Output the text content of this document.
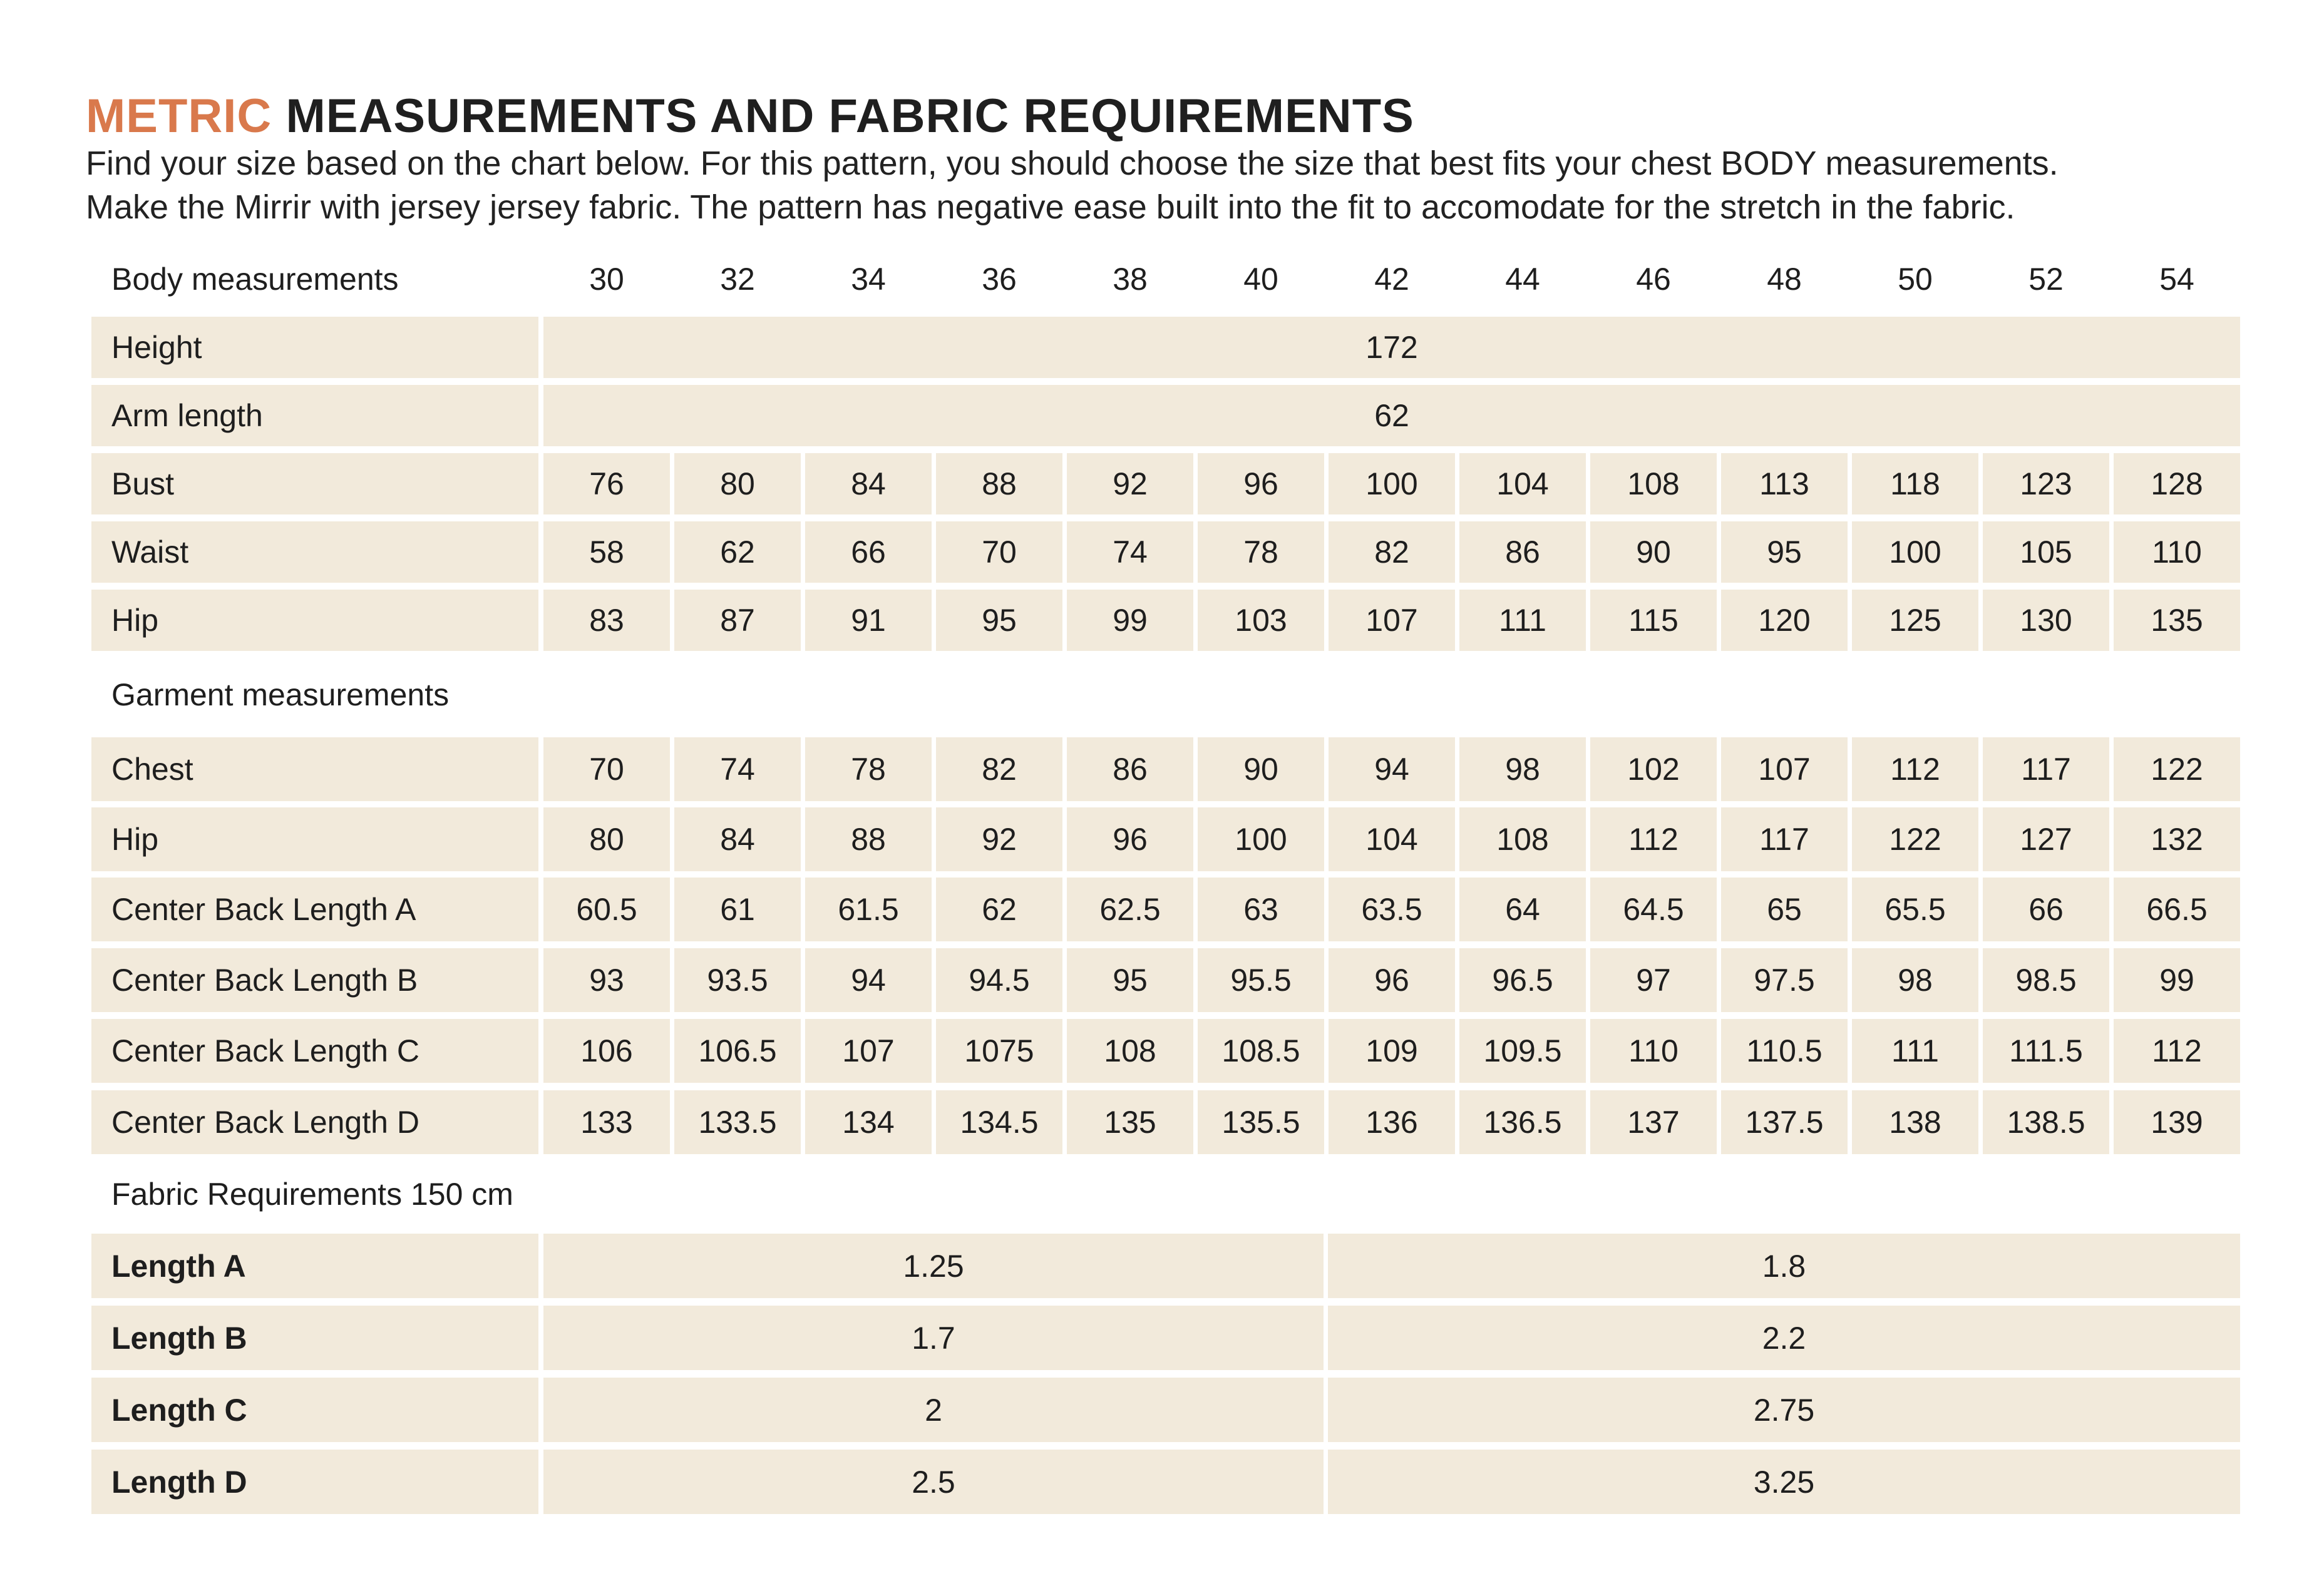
METRIC MEASUREMENTS AND FABRIC REQUIREMENTS
Find your size based on the chart below. For this pattern, you should choose the size that best fits your chest BODY measurements.
Make the Mirrir with jersey jersey fabric. The pattern has negative ease built into the fit to accomodate for the stretch in the fabric.
Body measurements	30	32	34	36	38	40	42	44	46	48	50	52	54
Height	172
Arm length	62
Bust	76	80	84	88	92	96	100	104	108	113	118	123	128
Waist	58	62	66	70	74	78	82	86	90	95	100	105	110
Hip	83	87	91	95	99	103	107	111	115	120	125	130	135
Garment measurements
Chest	70	74	78	82	86	90	94	98	102	107	112	117	122
Hip	80	84	88	92	96	100	104	108	112	117	122	127	132
Center Back Length A	60.5	61	61.5	62	62.5	63	63.5	64	64.5	65	65.5	66	66.5
Center Back Length B	93	93.5	94	94.5	95	95.5	96	96.5	97	97.5	98	98.5	99
Center Back Length C	106	106.5	107	1075	108	108.5	109	109.5	110	110.5	111	111.5	112
Center Back Length D	133	133.5	134	134.5	135	135.5	136	136.5	137	137.5	138	138.5	139
Fabric Requirements 150 cm
Length A	1.25	1.8
Length B	1.7	2.2
Length C	2	2.75
Length D	2.5	3.25
